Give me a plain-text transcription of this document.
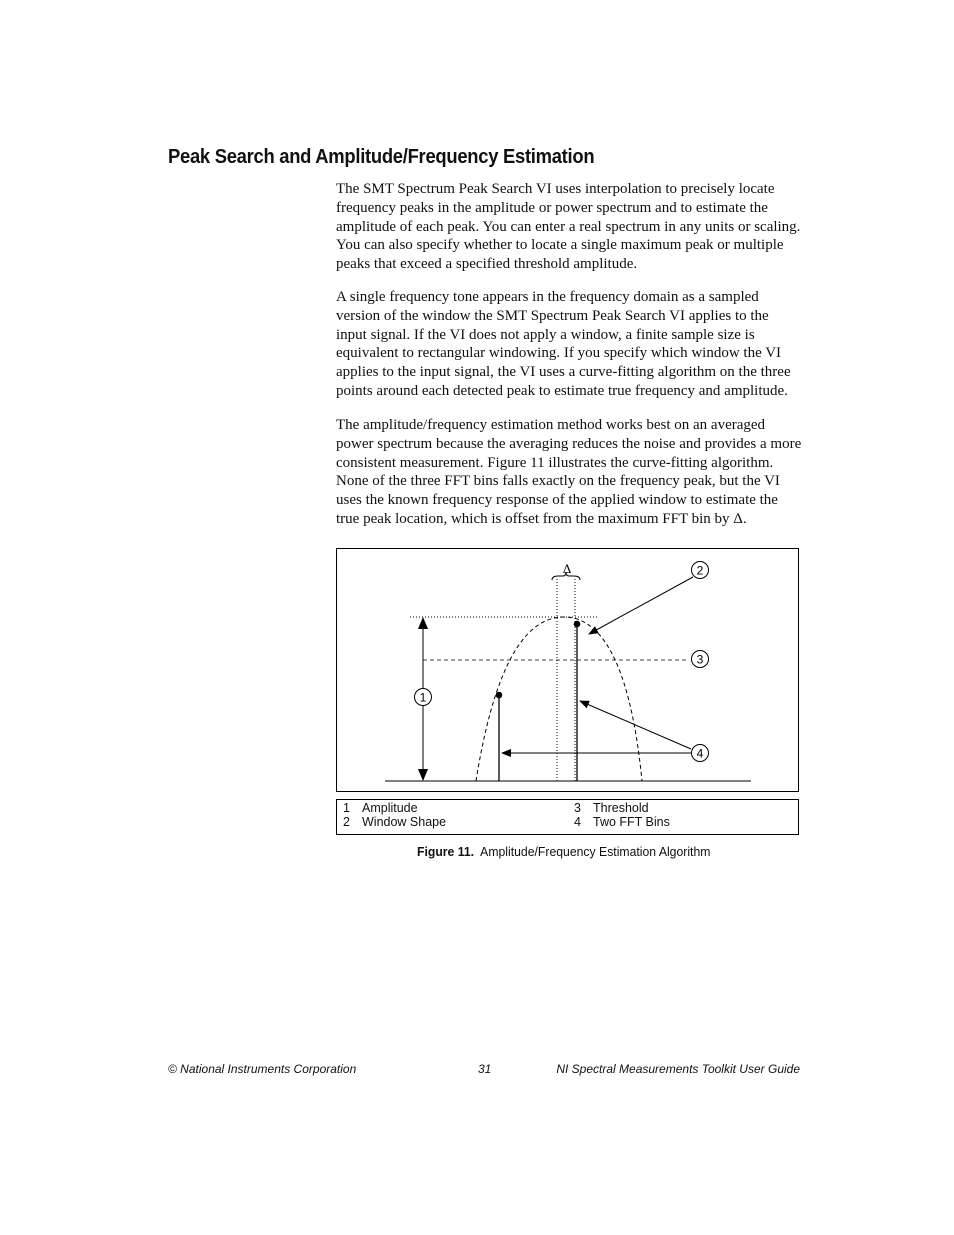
Peak Search and Amplitude/Frequency Estimation

The SMT Spectrum Peak Search VI uses interpolation to precisely locate frequency peaks in the amplitude or power spectrum and to estimate the amplitude of each peak. You can enter a real spectrum in any units or scaling. You can also specify whether to locate a single maximum peak or multiple peaks that exceed a specified threshold amplitude.

A single frequency tone appears in the frequency domain as a sampled version of the window the SMT Spectrum Peak Search VI applies to the input signal. If the VI does not apply a window, a finite sample size is equivalent to rectangular windowing. If you specify which window the VI applies to the input signal, the VI uses a curve-fitting algorithm on the three points around each detected peak to estimate true frequency and amplitude.

The amplitude/frequency estimation method works best on an averaged power spectrum because the averaging reduces the noise and provides a more consistent measurement. Figure 11 illustrates the curve-fitting algorithm. None of the three FFT bins falls exactly on the frequency peak, but the VI uses the known frequency response of the applied window to estimate the true peak location, which is offset from the maximum FFT bin by Δ.

Δ
1
2
3
4
1 Amplitude
2 Window Shape
3 Threshold
4 Two FFT Bins
Figure 11. Amplitude/Frequency Estimation Algorithm
© National Instruments Corporation	31	NI Spectral Measurements Toolkit User Guide
